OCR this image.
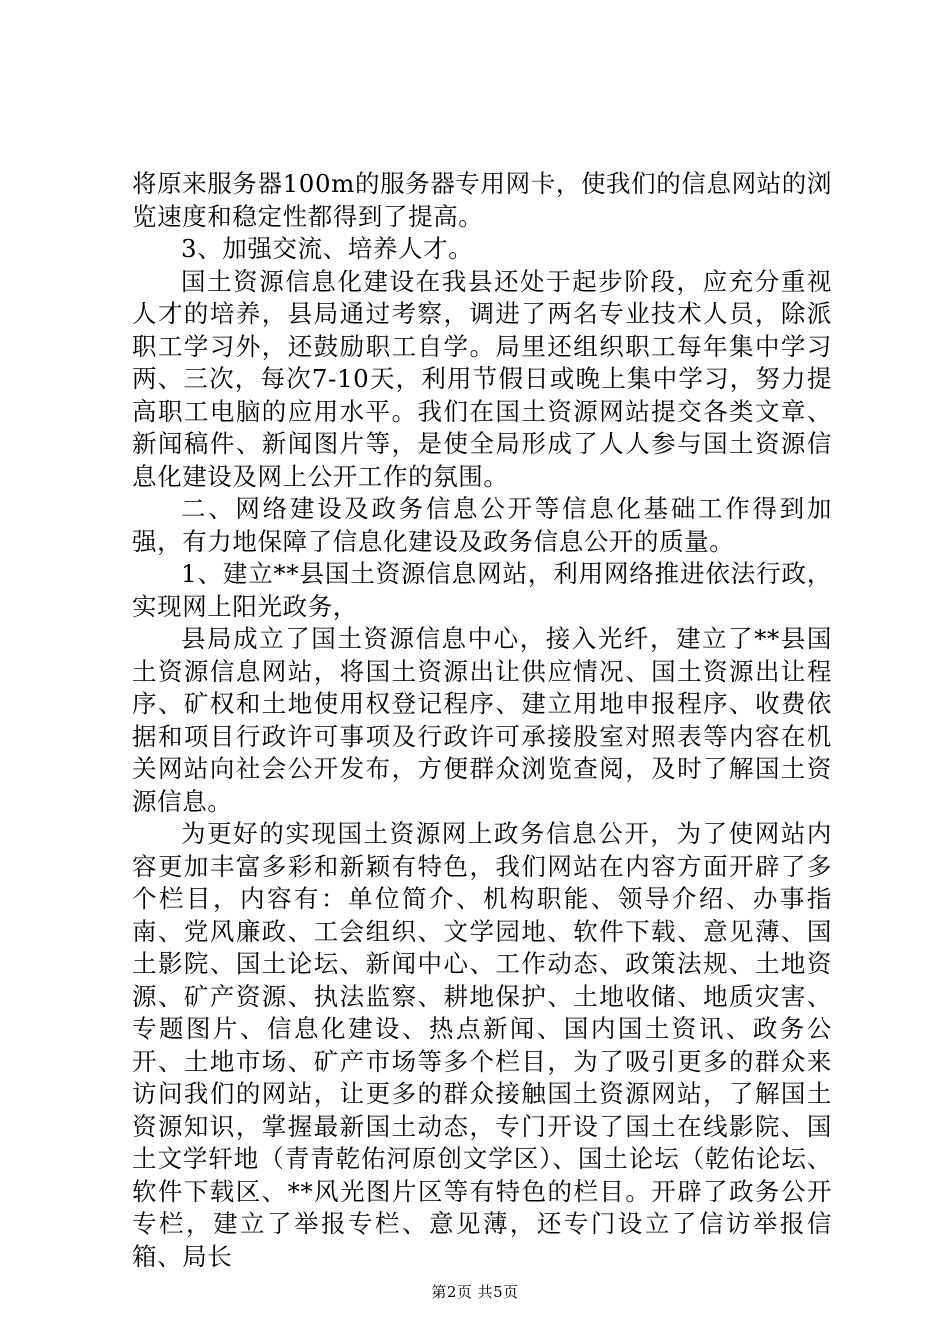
将原来服务器100m的服务器专用网卡，使我们的信息网站的浏览速度和稳定性都得到了提高。

3、加强交流、培养人才。

国土资源信息化建设在我县还处于起步阶段，应充分重视人才的培养，县局通过考察，调进了两名专业技术人员，除派职工学习外，还鼓励职工自学。局里还组织职工每年集中学习两、三次，每次7-10天，利用节假日或晚上集中学习，努力提高职工电脑的应用水平。我们在国土资源网站提交各类文章、新闻稿件、新闻图片等，是使全局形成了人人参与国土资源信息化建设及网上公开工作的氛围。

二、网络建设及政务信息公开等信息化基础工作得到加强，有力地保障了信息化建设及政务信息公开的质量。

1、建立**县国土资源信息网站，利用网络推进依法行政，实现网上阳光政务，

县局成立了国土资源信息中心，接入光纤，建立了**县国土资源信息网站，将国土资源出让供应情况、国土资源出让程序、矿权和土地使用权登记程序、建立用地申报程序、收费依据和项目行政许可事项及行政许可承接股室对照表等内容在机关网站向社会公开发布，方便群众浏览查阅，及时了解国土资源信息。

为更好的实现国土资源网上政务信息公开，为了使网站内容更加丰富多彩和新颖有特色，我们网站在内容方面开辟了多个栏目，内容有：单位简介、机构职能、领导介绍、办事指南、党风廉政、工会组织、文学园地、软件下载、意见薄、国土影院、国土论坛、新闻中心、工作动态、政策法规、土地资源、矿产资源、执法监察、耕地保护、土地收储、地质灾害、专题图片、信息化建设、热点新闻、国内国土资讯、政务公开、土地市场、矿产市场等多个栏目，为了吸引更多的群众来访问我们的网站，让更多的群众接触国土资源网站，了解国土资源知识，掌握最新国土动态，专门开设了国土在线影院、国土文学轩地（青青乾佑河原创文学区）、国土论坛（乾佑论坛、软件下载区、**风光图片区等有特色的栏目。开辟了政务公开专栏，建立了举报专栏、意见薄，还专门设立了信访举报信箱、局长

第2页 共5页
